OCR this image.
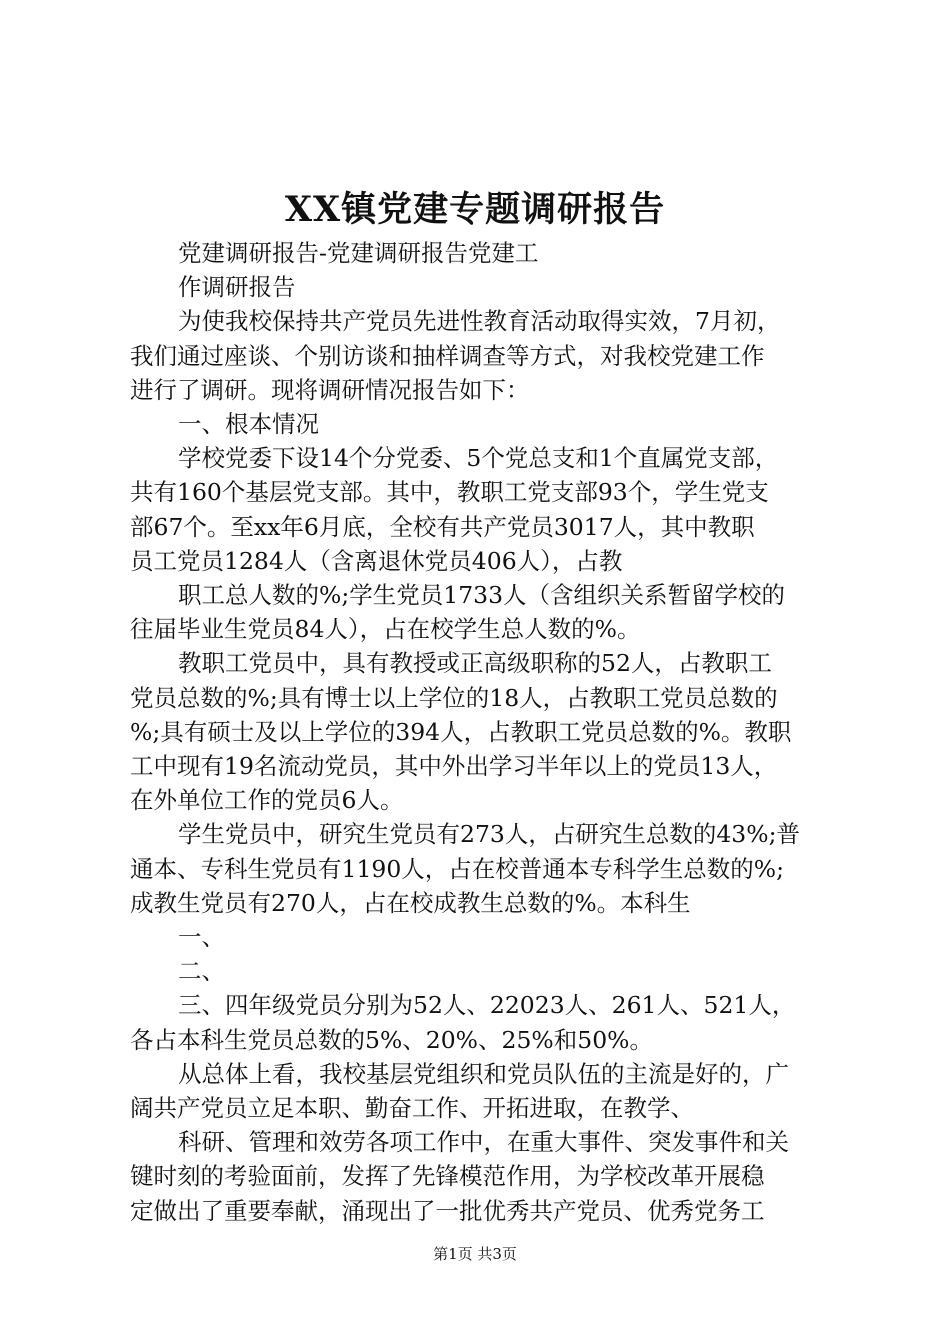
XX镇党建专题调研报告
党建调研报告-党建调研报告党建工
作调研报告
为使我校保持共产党员先进性教育活动取得实效，7月初，
我们通过座谈、个别访谈和抽样调查等方式，对我校党建工作
进行了调研。现将调研情况报告如下：
一、根本情况
学校党委下设14个分党委、5个党总支和1个直属党支部，
共有160个基层党支部。其中，教职工党支部93个，学生党支
部67个。至xx年6月底，全校有共产党员3017人，其中教职
员工党员1284人（含离退休党员406人），占教
职工总人数的%;学生党员1733人（含组织关系暂留学校的
往届毕业生党员84人），占在校学生总人数的%。
教职工党员中，具有教授或正高级职称的52人，占教职工
党员总数的%;具有博士以上学位的18人，占教职工党员总数的
%;具有硕士及以上学位的394人，占教职工党员总数的%。教职
工中现有19名流动党员，其中外出学习半年以上的党员13人，
在外单位工作的党员6人。
学生党员中，研究生党员有273人，占研究生总数的43%;普
通本、专科生党员有1190人，占在校普通本专科学生总数的%;
成教生党员有270人，占在校成教生总数的%。本科生
一、
二、
三、四年级党员分别为52人、22023人、261人、521人，
各占本科生党员总数的5%、20%、25%和50%。
从总体上看，我校基层党组织和党员队伍的主流是好的，广
阔共产党员立足本职、勤奋工作、开拓进取，在教学、
科研、管理和效劳各项工作中，在重大事件、突发事件和关
键时刻的考验面前，发挥了先锋模范作用，为学校改革开展稳
定做出了重要奉献，涌现出了一批优秀共产党员、优秀党务工
第1页 共3页
